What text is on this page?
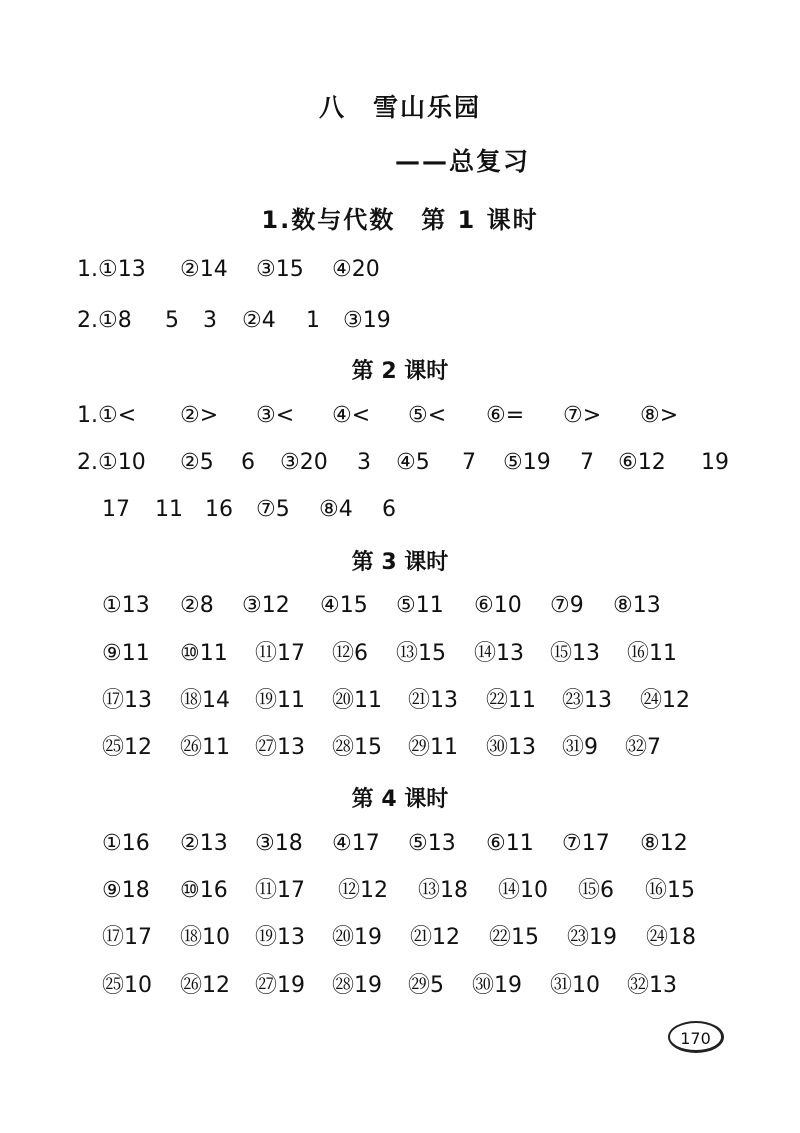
八　雪山乐园
——总复习
1.数与代数　第 1 课时
1.①13 ②14 ③15 ④20
2.①8 5 3 ②4 1 ③19
第 2 课时
1.①< ②> ③< ④< ⑤< ⑥= ⑦> ⑧>
2.①10 ②5 6 ③20 3 ④5 7 ⑤19 7 ⑥12 19
17 11 16 ⑦5 ⑧4 6
第 3 课时
①13 ②8 ③12 ④15 ⑤11 ⑥10 ⑦9 ⑧13
⑨11 ⑩11 ⑪17 ⑫6 ⑬15 ⑭13 ⑮13 ⑯11
⑰13 ⑱14 ⑲11 ⑳11 ㉑13 ㉒11 ㉓13 ㉔12
㉕12 ㉖11 ㉗13 ㉘15 ㉙11 ㉚13 ㉛9 ㉜7
第 4 课时
①16 ②13 ③18 ④17 ⑤13 ⑥11 ⑦17 ⑧12
⑨18 ⑩16 ⑪17 ⑫12 ⑬18 ⑭10 ⑮6 ⑯15
⑰17 ⑱10 ⑲13 ⑳19 ㉑12 ㉒15 ㉓19 ㉔18
㉕10 ㉖12 ㉗19 ㉘19 ㉙5 ㉚19 ㉛10 ㉜13
170
